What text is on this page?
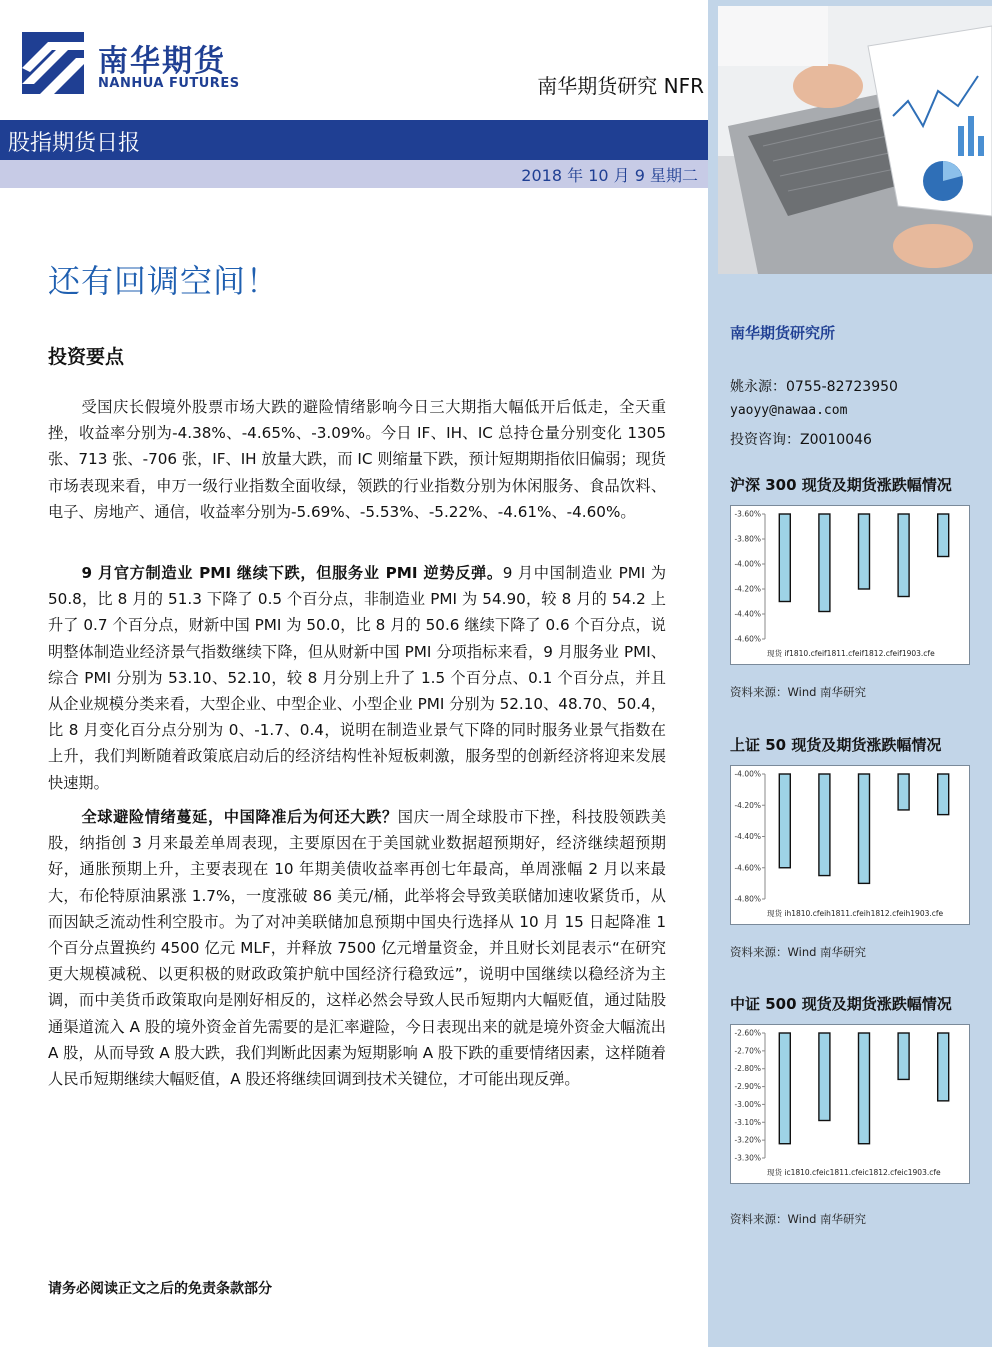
南华期货
NANHUA FUTURES	南华期货研究 NFR
股指期货日报
2018 年 10 月 9 星期二
还有回调空间！
投资要点

受国庆长假境外股票市场大跌的避险情绪影响今日三大期指大幅低开后低走，全天重挫，收益率分别为-4.38%、-4.65%、-3.09%。今日 IF、IH、IC 总持仓量分别变化 1305 张、713 张、-706 张，IF、IH 放量大跌，而 IC 则缩量下跌，预计短期期指依旧偏弱；现货市场表现来看，申万一级行业指数全面收绿，领跌的行业指数分别为休闲服务、食品饮料、电子、房地产、通信，收益率分别为-5.69%、-5.53%、-5.22%、-4.61%、-4.60%。

9 月官方制造业 PMI 继续下跌，但服务业 PMI 逆势反弹。9 月中国制造业 PMI 为 50.8，比 8 月的 51.3 下降了 0.5 个百分点，非制造业 PMI 为 54.90，较 8 月的 54.2 上升了 0.7 个百分点，财新中国 PMI 为 50.0，比 8 月的 50.6 继续下降了 0.6 个百分点，说明整体制造业经济景气指数继续下降，但从财新中国 PMI 分项指标来看，9 月服务业 PMI、综合 PMI 分别为 53.10、52.10，较 8 月分别上升了 1.5 个百分点、0.1 个百分点，并且从企业规模分类来看，大型企业、中型企业、小型企业 PMI 分别为 52.10、48.70、50.4，比 8 月变化百分点分别为 0、-1.7、0.4，说明在制造业景气下降的同时服务业景气指数在上升，我们判断随着政策底启动后的经济结构性补短板刺激，服务型的创新经济将迎来发展快速期。

全球避险情绪蔓延，中国降准后为何还大跌？国庆一周全球股市下挫，科技股领跌美股，纳指创 3 月来最差单周表现，主要原因在于美国就业数据超预期好，经济继续超预期好，通胀预期上升，主要表现在 10 年期美债收益率再创七年最高，单周涨幅 2 月以来最大，布伦特原油累涨 1.7%，一度涨破 86 美元/桶，此举将会导致美联储加速收紧货币，从而因缺乏流动性利空股市。为了对冲美联储加息预期中国央行选择从 10 月 15 日起降准 1 个百分点置换约 4500 亿元 MLF，并释放 7500 亿元增量资金，并且财长刘昆表示“在研究更大规模减税、以更积极的财政政策护航中国经济行稳致远”，说明中国继续以稳经济为主调，而中美货币政策取向是刚好相反的，这样必然会导致人民币短期内大幅贬值，通过陆股通渠道流入 A 股的境外资金首先需要的是汇率避险，今日表现出来的就是境外资金大幅流出 A 股，从而导致 A 股大跌，我们判断此因素为短期影响 A 股下跌的重要情绪因素，这样随着人民币短期继续大幅贬值，A 股还将继续回调到技术关键位，才可能出现反弹。

请务必阅读正文之后的免责条款部分
南华期货研究所
姚永源：0755-82723950
yaoyy@nawaa.com
投资咨询：Z0010046
沪深 300 现货及期货涨跌幅情况
-3.60%
-3.80%
-4.00%
-4.20%
-4.40%
-4.60%
现货 if1810.cfeif1811.cfeif1812.cfeif1903.cfe
资料来源：Wind 南华研究
上证 50 现货及期货涨跌幅情况
-4.00%
-4.20%
-4.40%
-4.60%
-4.80%
现货 ih1810.cfeih1811.cfeih1812.cfeih1903.cfe
资料来源：Wind 南华研究
中证 500 现货及期货涨跌幅情况
-2.60%
-2.70%
-2.80%
-2.90%
-3.00%
-3.10%
-3.20%
-3.30%
现货 ic1810.cfeic1811.cfeic1812.cfeic1903.cfe
资料来源：Wind 南华研究
